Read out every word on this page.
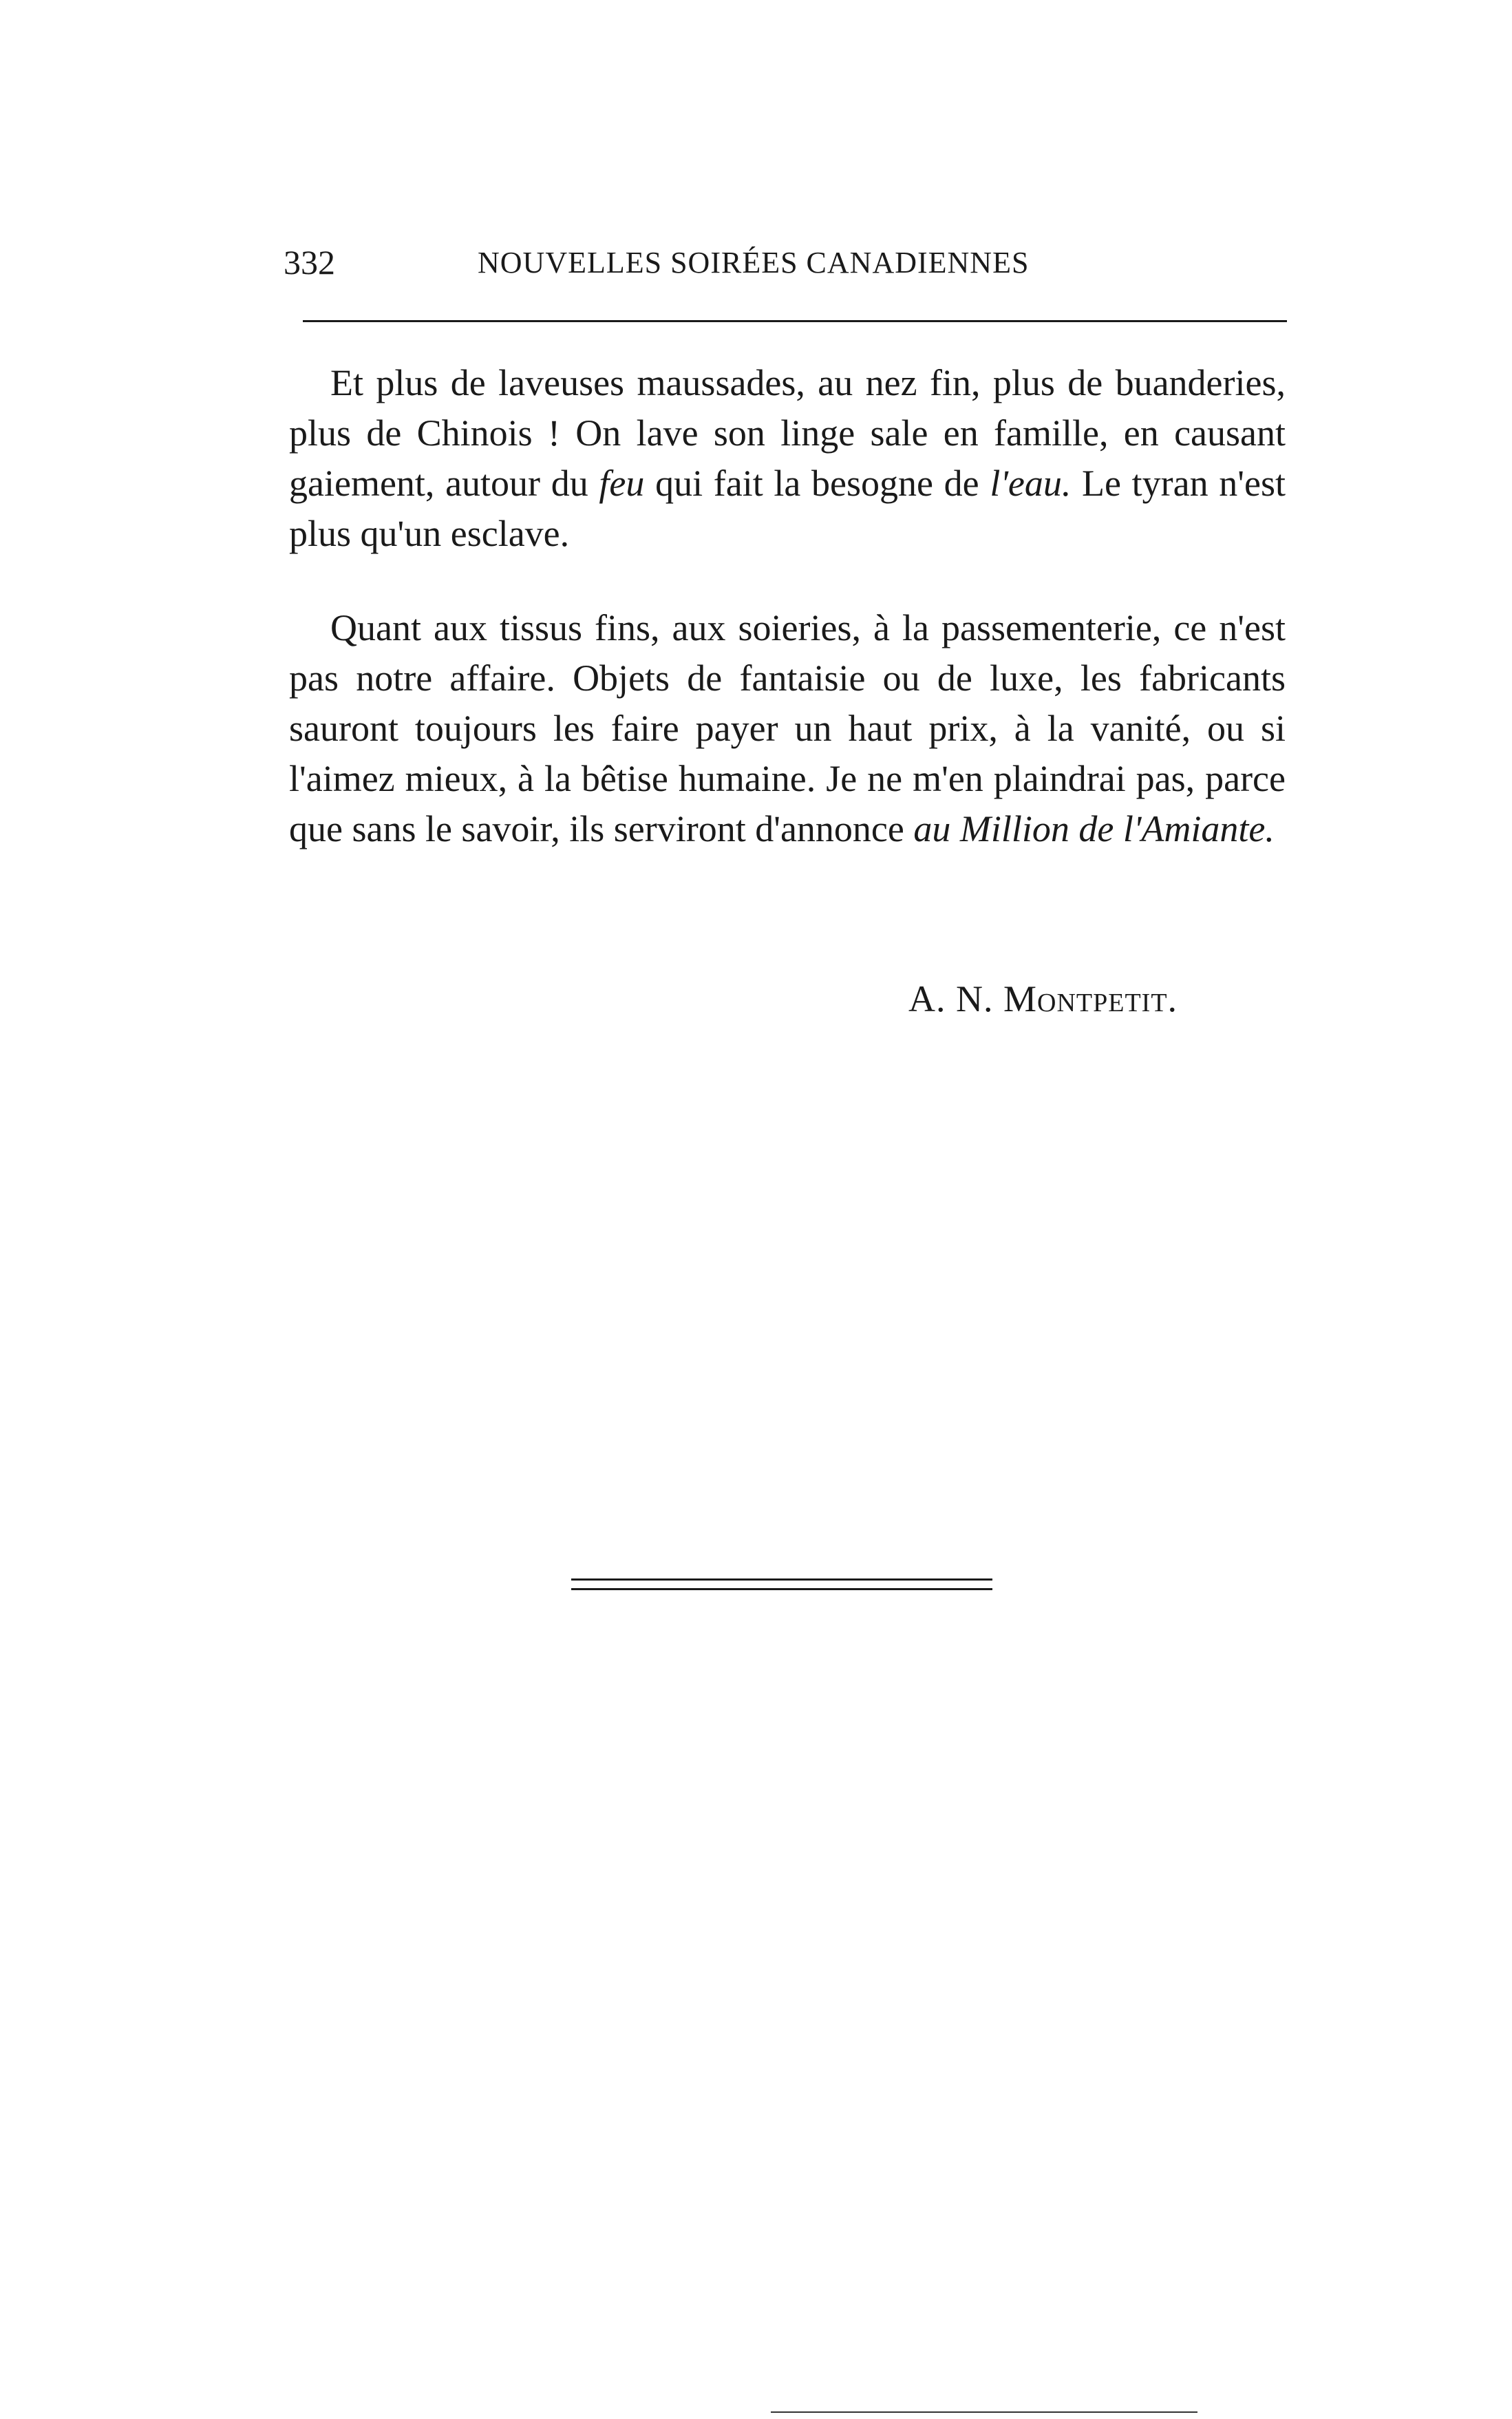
332	NOUVELLES SOIRÉES CANADIENNES

Et plus de laveuses maussades, au nez fin, plus de buanderies, plus de Chinois ! On lave son linge sale en famille, en causant gaiement, autour du feu qui fait la besogne de l'eau. Le tyran n'est plus qu'un esclave.

Quant aux tissus fins, aux soieries, à la passementerie, ce n'est pas notre affaire. Objets de fantaisie ou de luxe, les fabricants sauront toujours les faire payer un haut prix, à la vanité, ou si l'aimez mieux, à la bêtise humaine. Je ne m'en plaindrai pas, parce que sans le savoir, ils serviront d'annonce au Million de l'Amiante.

A. N. Montpetit.
